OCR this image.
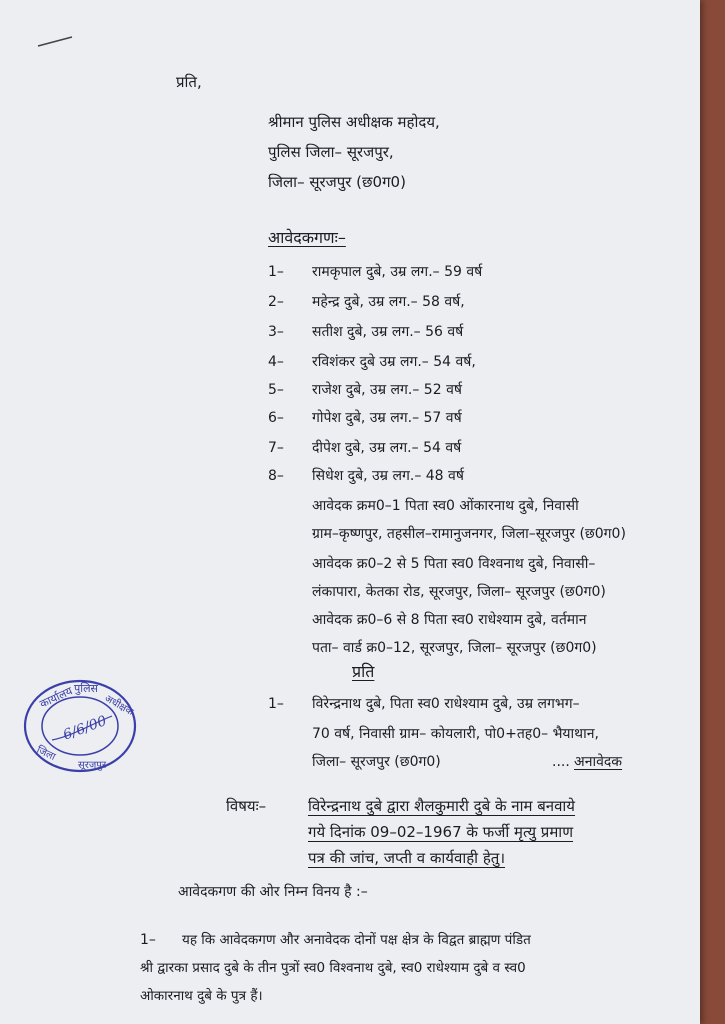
प्रति,
श्रीमान पुलिस अधीक्षक महोदय,
पुलिस जिला– सूरजपुर,
जिला– सूरजपुर (छ0ग0)
आवेदकगणः–
1– रामकृपाल दुबे, उम्र लग.– 59 वर्ष
2– महेन्द्र दुबे, उम्र लग.– 58 वर्ष,
3– सतीश दुबे, उम्र लग.– 56 वर्ष
4– रविशंकर दुबे उम्र लग.– 54 वर्ष,
5– राजेश दुबे, उम्र लग.– 52 वर्ष
6– गोपेश दुबे, उम्र लग.– 57 वर्ष
7– दीपेश दुबे, उम्र लग.– 54 वर्ष
8– सिधेश दुबे, उम्र लग.– 48 वर्ष
आवेदक क्रम0–1 पिता स्व0 ओंकारनाथ दुबे, निवासी
ग्राम–कृष्णपुर, तहसील–रामानुजनगर, जिला–सूरजपुर (छ0ग0)
आवेदक क्र0–2 से 5 पिता स्व0 विश्वनाथ दुबे, निवासी–
लंकापारा, केतका रोड, सूरजपुर, जिला– सूरजपुर (छ0ग0)
आवेदक क्र0–6 से 8 पिता स्व0 राधेश्याम दुबे, वर्तमान
पता– वार्ड क्र0–12, सूरजपुर, जिला– सूरजपुर (छ0ग0)
प्रति
1– विरेन्द्रनाथ दुबे, पिता स्व0 राधेश्याम दुबे, उम्र लगभग–
70 वर्ष, निवासी ग्राम– कोयलारी, पो0+तह0– भैयाथान,
जिला– सूरजपुर (छ0ग0)	.... अनावेदक
विषयः–	विरेन्द्रनाथ दुबे द्वारा शैलकुमारी दुबे के नाम बनवाये
गये दिनांक 09–02–1967 के फर्जी मृत्यु प्रमाण
पत्र की जांच, जप्ती व कार्यवाही हेतु।
आवेदकगण की ओर निम्न विनय है :–
1– यह कि आवेदकगण और अनावेदक दोनों पक्ष क्षेत्र के विद्वत ब्राह्मण पंडित
श्री द्वारका प्रसाद दुबे के तीन पुत्रों स्व0 विश्वनाथ दुबे, स्व0 राधेश्याम दुबे व स्व0
ओकारनाथ दुबे के पुत्र हैं।
कार्यालय पुलिस
अधीक्षक
जिला
सूरजपुर
6/6/00
